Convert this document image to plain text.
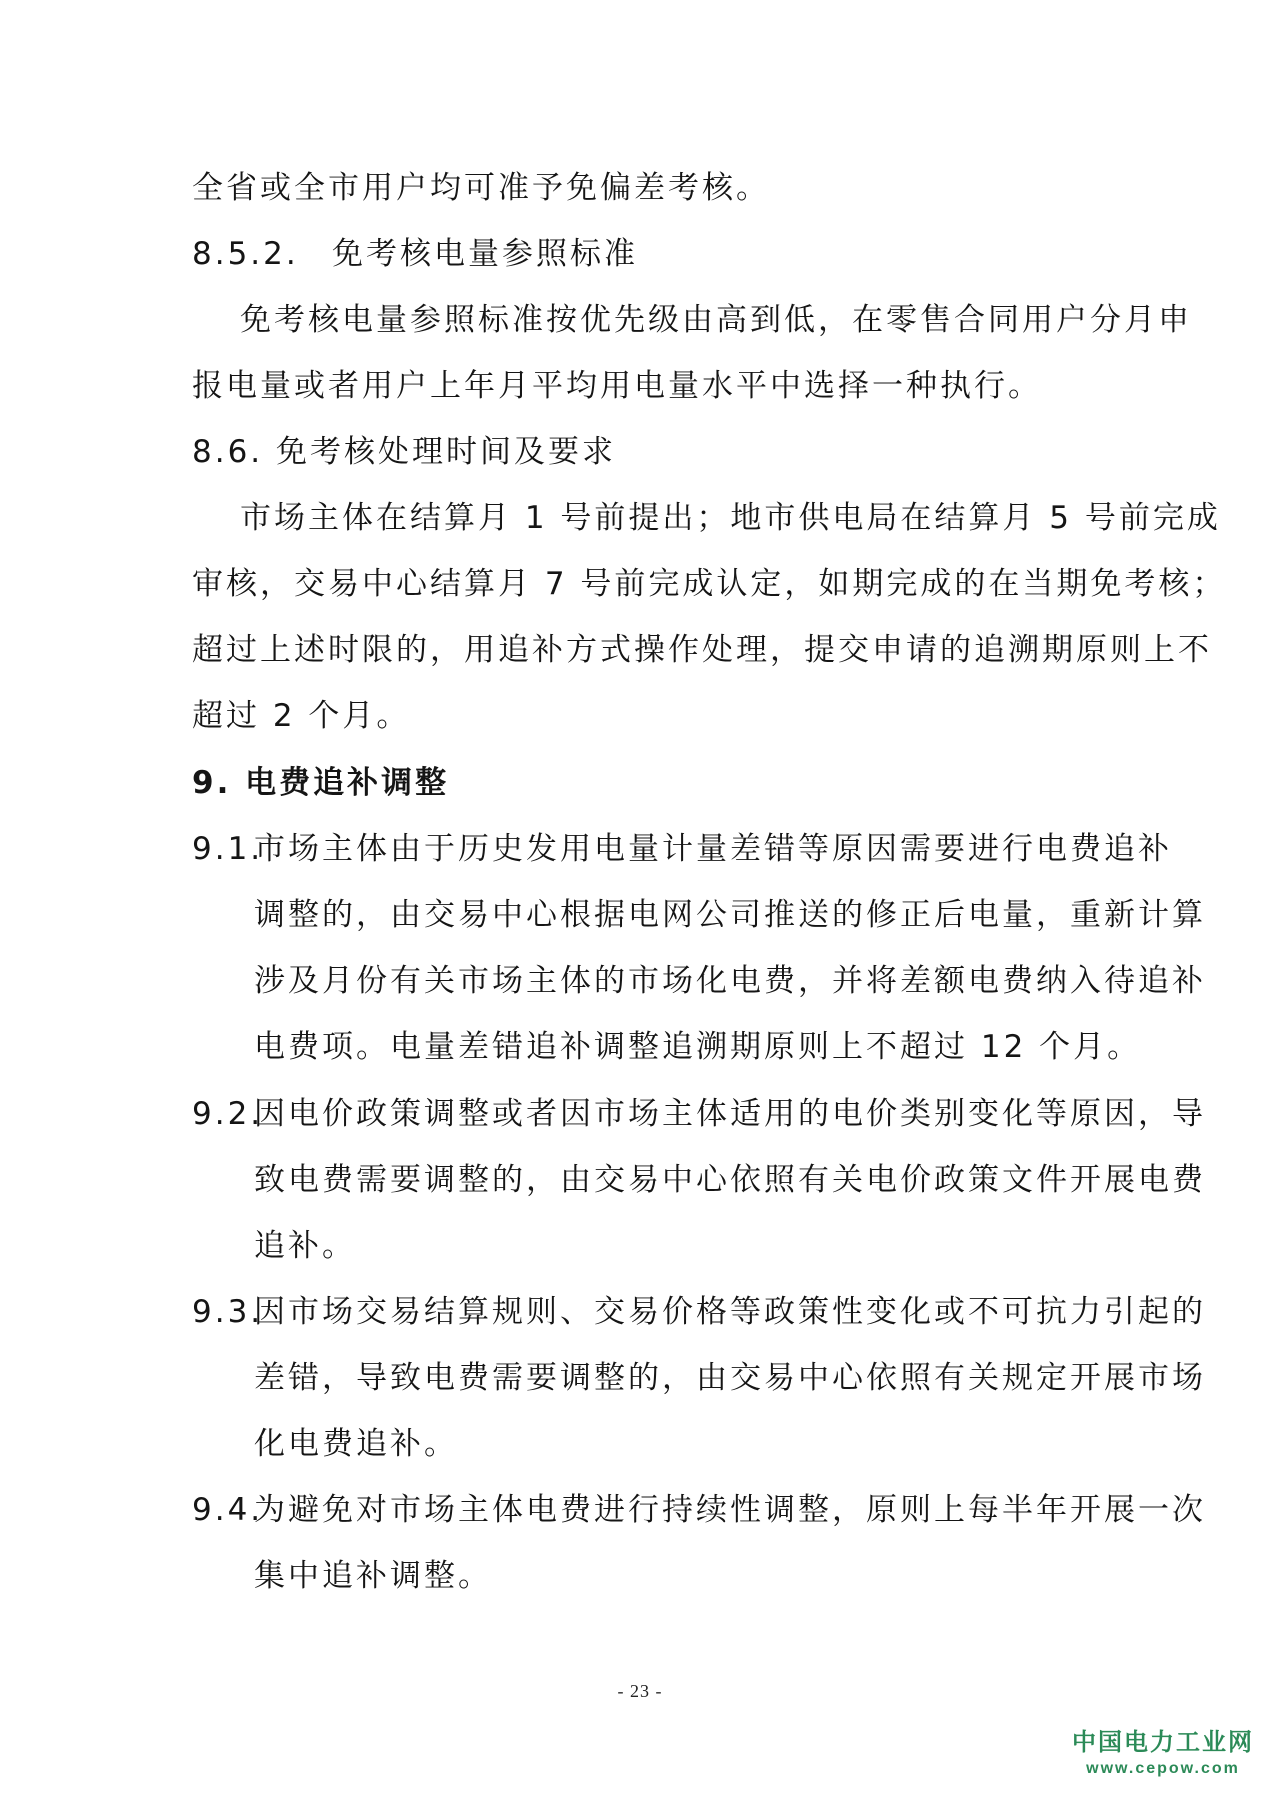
全省或全市用户均可准予免偏差考核。
8.5.2. 免考核电量参照标准
免考核电量参照标准按优先级由高到低，在零售合同用户分月申
报电量或者用户上年月平均用电量水平中选择一种执行。
8.6. 免考核处理时间及要求
市场主体在结算月 1 号前提出；地市供电局在结算月 5 号前完成
审核，交易中心结算月 7 号前完成认定，如期完成的在当期免考核；
超过上述时限的，用追补方式操作处理，提交申请的追溯期原则上不
超过 2 个月。
9. 电费追补调整
9.1.
市场主体由于历史发用电量计量差错等原因需要进行电费追补
调整的，由交易中心根据电网公司推送的修正后电量，重新计算
涉及月份有关市场主体的市场化电费，并将差额电费纳入待追补
电费项。电量差错追补调整追溯期原则上不超过 12 个月。
9.2.
因电价政策调整或者因市场主体适用的电价类别变化等原因，导
致电费需要调整的，由交易中心依照有关电价政策文件开展电费
追补。
9.3.
因市场交易结算规则、交易价格等政策性变化或不可抗力引起的
差错，导致电费需要调整的，由交易中心依照有关规定开展市场
化电费追补。
9.4.
为避免对市场主体电费进行持续性调整，原则上每半年开展一次
集中追补调整。
- 23 -
中国电力工业网
www.cepow.com
